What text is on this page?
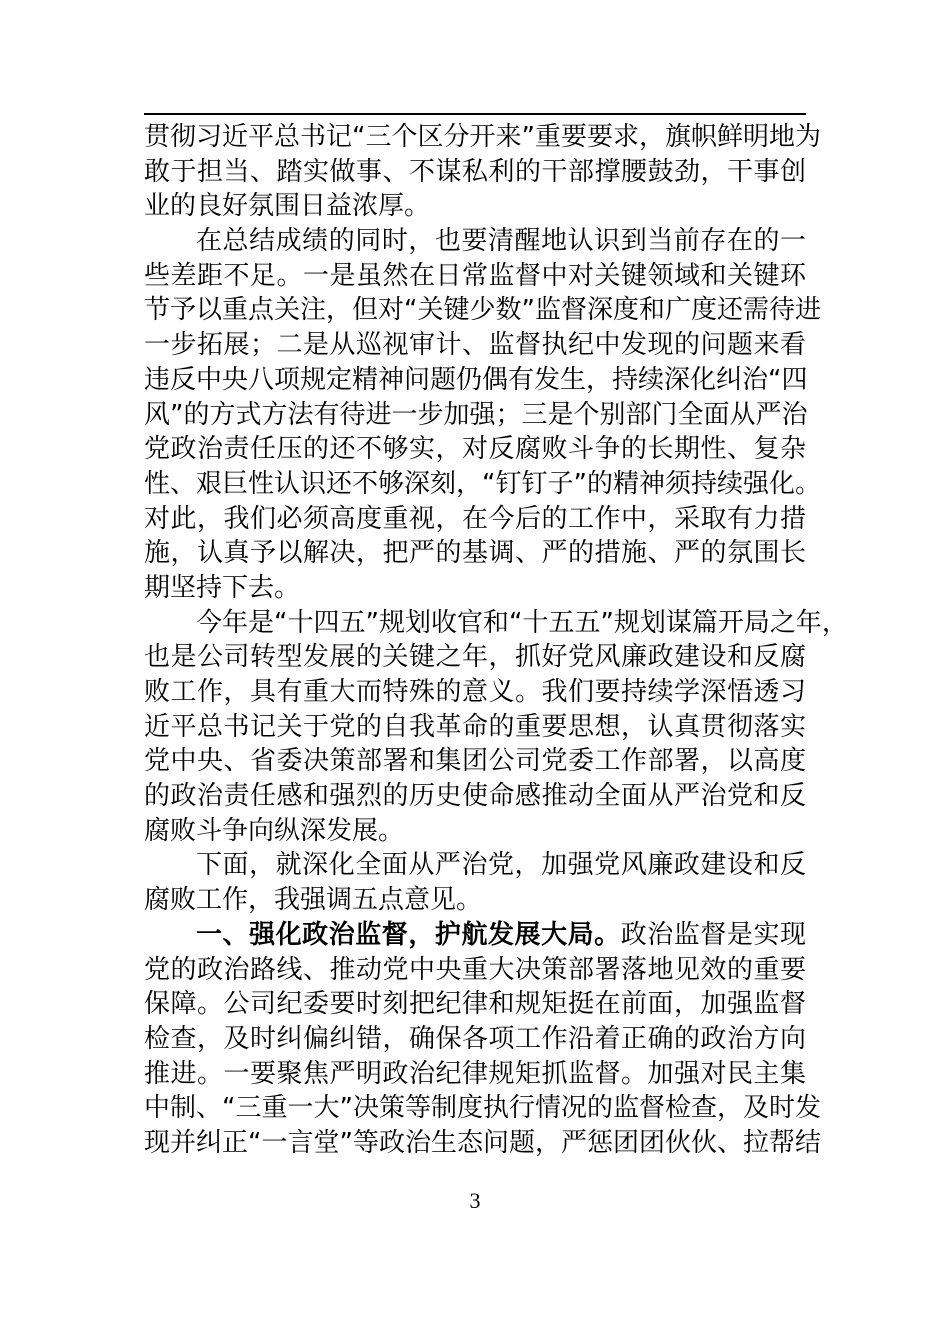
贯彻习近平总书记“三个区分开来”重要要求，旗帜鲜明地为
敢于担当、踏实做事、不谋私利的干部撑腰鼓劲，干事创
业的良好氛围日益浓厚。
在总结成绩的同时，也要清醒地认识到当前存在的一
些差距不足。一是虽然在日常监督中对关键领域和关键环
节予以重点关注，但对“关键少数”监督深度和广度还需待进
一步拓展；二是从巡视审计、监督执纪中发现的问题来看
违反中央八项规定精神问题仍偶有发生，持续深化纠治“四
风”的方式方法有待进一步加强；三是个别部门全面从严治
党政治责任压的还不够实，对反腐败斗争的长期性、复杂
性、艰巨性认识还不够深刻，“钉钉子”的精神须持续强化。
对此，我们必须高度重视，在今后的工作中，采取有力措
施，认真予以解决，把严的基调、严的措施、严的氛围长
期坚持下去。
今年是“十四五”规划收官和“十五五”规划谋篇开局之年，
也是公司转型发展的关键之年，抓好党风廉政建设和反腐
败工作，具有重大而特殊的意义。我们要持续学深悟透习
近平总书记关于党的自我革命的重要思想，认真贯彻落实
党中央、省委决策部署和集团公司党委工作部署，以高度
的政治责任感和强烈的历史使命感推动全面从严治党和反
腐败斗争向纵深发展。
下面，就深化全面从严治党，加强党风廉政建设和反
腐败工作，我强调五点意见。
一、强化政治监督，护航发展大局。政治监督是实现
党的政治路线、推动党中央重大决策部署落地见效的重要
保障。公司纪委要时刻把纪律和规矩挺在前面，加强监督
检查，及时纠偏纠错，确保各项工作沿着正确的政治方向
推进。一要聚焦严明政治纪律规矩抓监督。加强对民主集
中制、“三重一大”决策等制度执行情况的监督检查，及时发
现并纠正“一言堂”等政治生态问题，严惩团团伙伙、拉帮结
3
